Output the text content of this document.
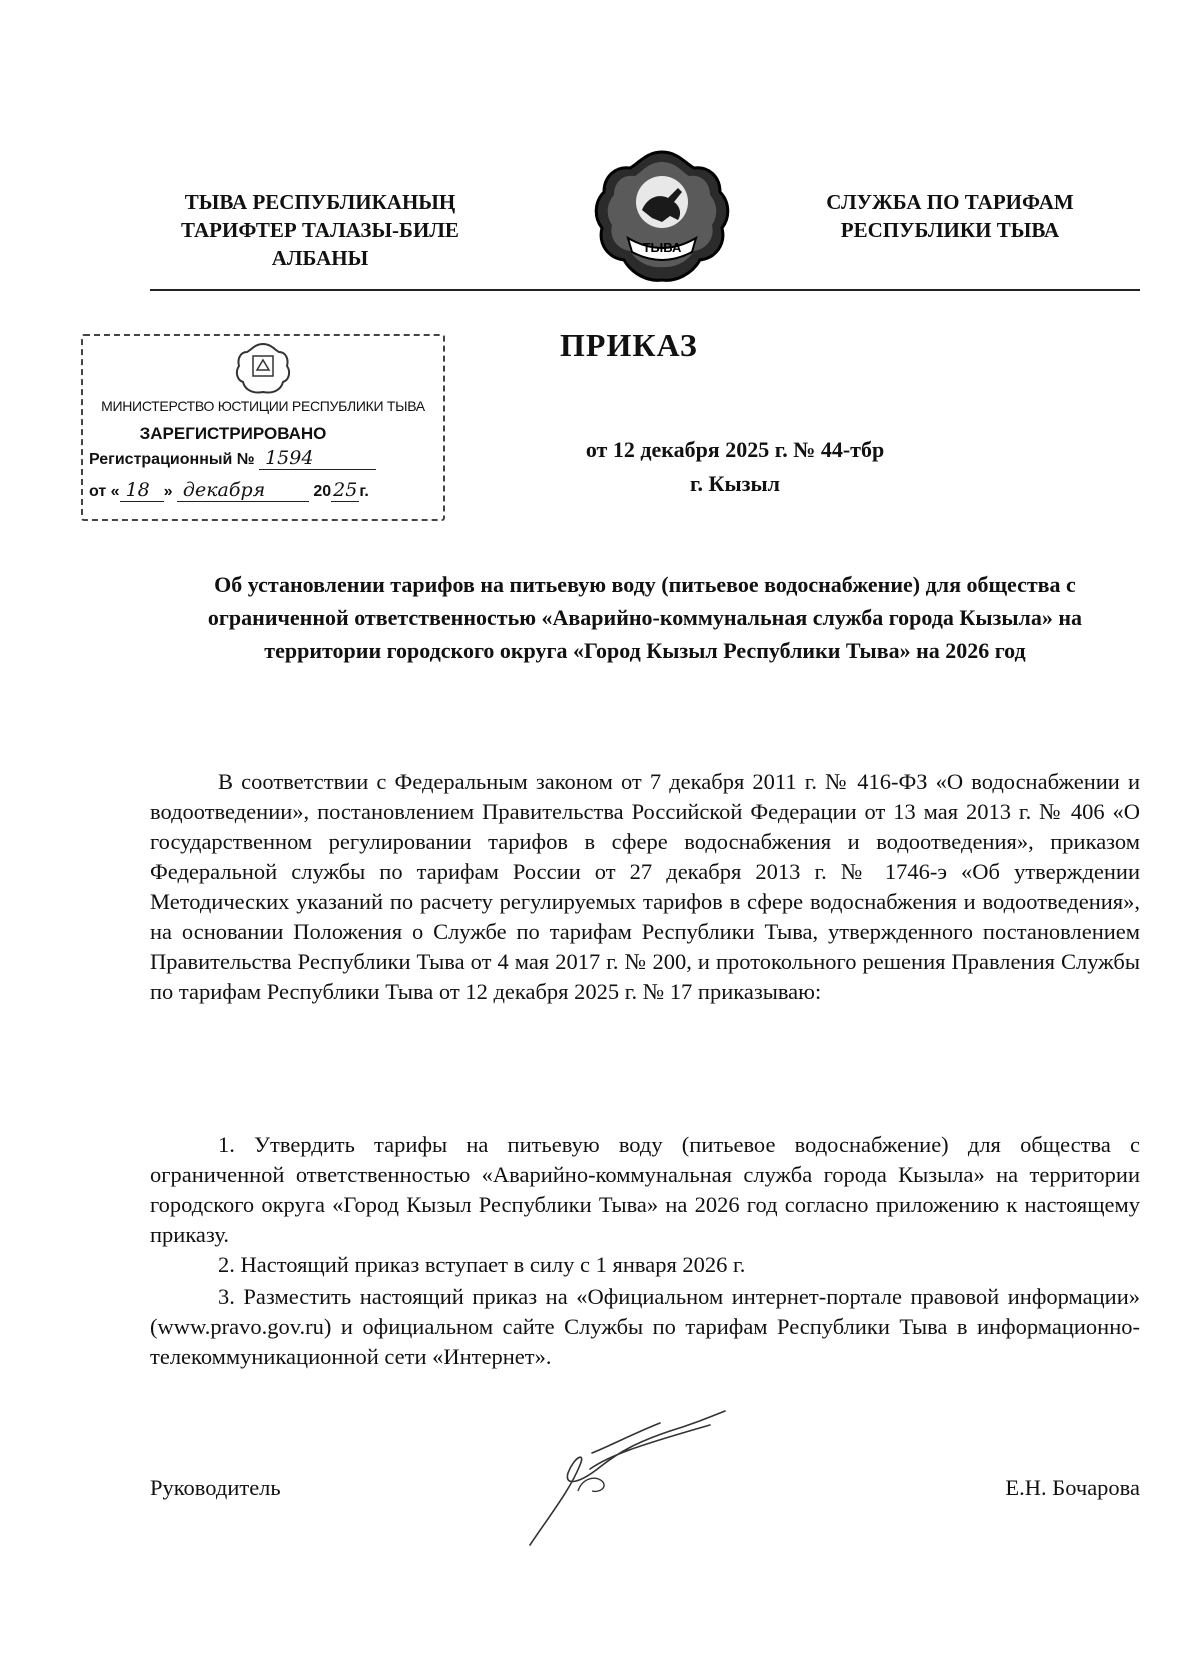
ТЫВА РЕСПУБЛИКАНЫҢ
ТАРИФТЕР ТАЛАЗЫ-БИЛЕ
АЛБАНЫ	ТЫВА
СЛУЖБА ПО ТАРИФАМ
РЕСПУБЛИКИ ТЫВА
ПРИКАЗ
МИНИСТЕРСТВО ЮСТИЦИИ РЕСПУБЛИКИ ТЫВА
ЗАРЕГИСТРИРОВАНО
Регистрационный № 1594
от « 18 » декабря	20 25 г.
от 12 декабря 2025 г. № 44-тбр
г. Кызыл
Об установлении тарифов на питьевую воду (питьевое водоснабжение) для общества с ограниченной ответственностью «Аварийно-коммунальная служба города Кызыла» на территории городского округа «Город Кызыл Республики Тыва» на 2026 год
В соответствии с Федеральным законом от 7 декабря 2011 г. № 416-ФЗ «О водоснабжении и водоотведении», постановлением Правительства Российской Федерации от 13 мая 2013 г. № 406 «О государственном регулировании тарифов в сфере водоснабжения и водоотведения», приказом Федеральной службы по тарифам России от 27 декабря 2013 г. № 1746-э «Об утверждении Методических указаний по расчету регулируемых тарифов в сфере водоснабжения и водоотведения», на основании Положения о Службе по тарифам Республики Тыва, утвержденного постановлением Правительства Республики Тыва от 4 мая 2017 г. № 200, и протокольного решения Правления Службы по тарифам Республики Тыва от 12 декабря 2025 г. № 17 приказываю:
1. Утвердить тарифы на питьевую воду (питьевое водоснабжение) для общества с ограниченной ответственностью «Аварийно-коммунальная служба города Кызыла» на территории городского округа «Город Кызыл Республики Тыва» на 2026 год согласно приложению к настоящему приказу.
2. Настоящий приказ вступает в силу с 1 января 2026 г.
3. Разместить настоящий приказ на «Официальном интернет-портале правовой информации» (www.pravo.gov.ru) и официальном сайте Службы по тарифам Республики Тыва в информационно-телекоммуникационной сети «Интернет».
Руководитель	Е.Н. Бочарова
